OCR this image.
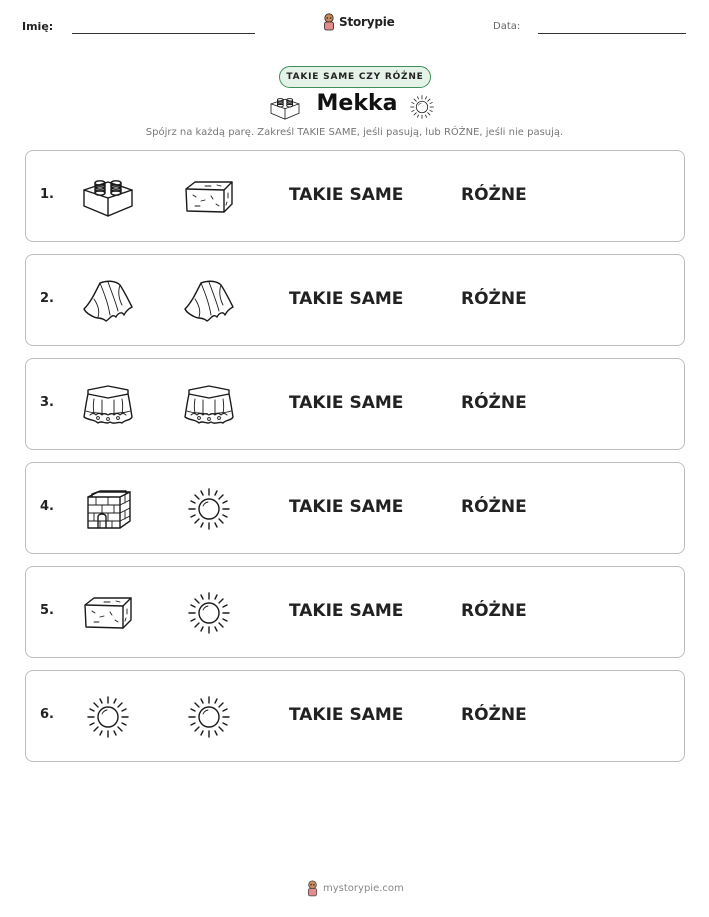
Imię:	Storypie	Data:
TAKIE SAME CZY RÓŻNE
Mekka
Spójrz na każdą parę. Zakreśl TAKIE SAME, jeśli pasują, lub RÓŻNE, jeśli nie pasują.
1.	TAKIE SAME	RÓŻNE
2.	TAKIE SAME	RÓŻNE
3.	TAKIE SAME	RÓŻNE
4.	TAKIE SAME	RÓŻNE
5.	TAKIE SAME	RÓŻNE
6.	TAKIE SAME	RÓŻNE
mystorypie.com
